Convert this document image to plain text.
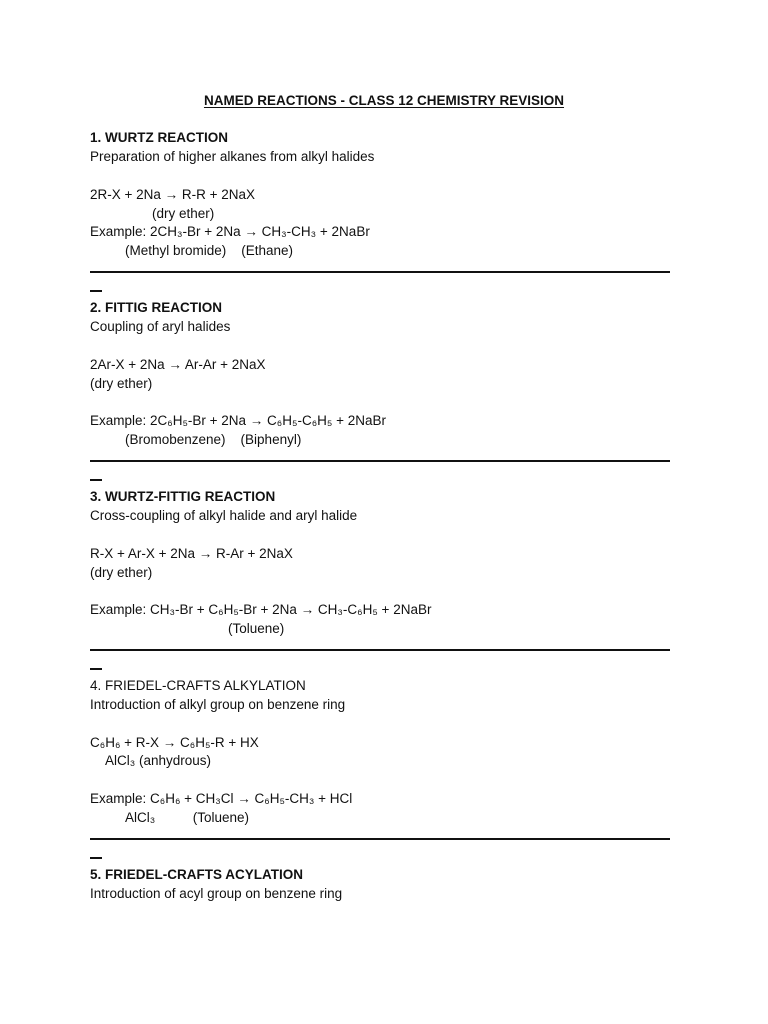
NAMED REACTIONS - CLASS 12 CHEMISTRY REVISION
1. WURTZ REACTION
Preparation of higher alkanes from alkyl halides
2R-X + 2Na → R-R + 2NaX
(dry ether)
Example: 2CH₃-Br + 2Na → CH₃-CH₃ + 2NaBr
(Methyl bromide)    (Ethane)
2. FITTIG REACTION
Coupling of aryl halides
2Ar-X + 2Na → Ar-Ar + 2NaX
(dry ether)
Example: 2C₆H₅-Br + 2Na → C₆H₅-C₆H₅ + 2NaBr
(Bromobenzene)    (Biphenyl)
3. WURTZ-FITTIG REACTION
Cross-coupling of alkyl halide and aryl halide
R-X + Ar-X + 2Na → R-Ar + 2NaX
(dry ether)
Example: CH₃-Br + C₆H₅-Br + 2Na → CH₃-C₆H₅ + 2NaBr
(Toluene)
4. FRIEDEL-CRAFTS ALKYLATION
Introduction of alkyl group on benzene ring
C₆H₆ + R-X → C₆H₅-R + HX
AlCl₃ (anhydrous)
Example: C₆H₆ + CH₃Cl → C₆H₅-CH₃ + HCl
AlCl₃          (Toluene)
5. FRIEDEL-CRAFTS ACYLATION
Introduction of acyl group on benzene ring
